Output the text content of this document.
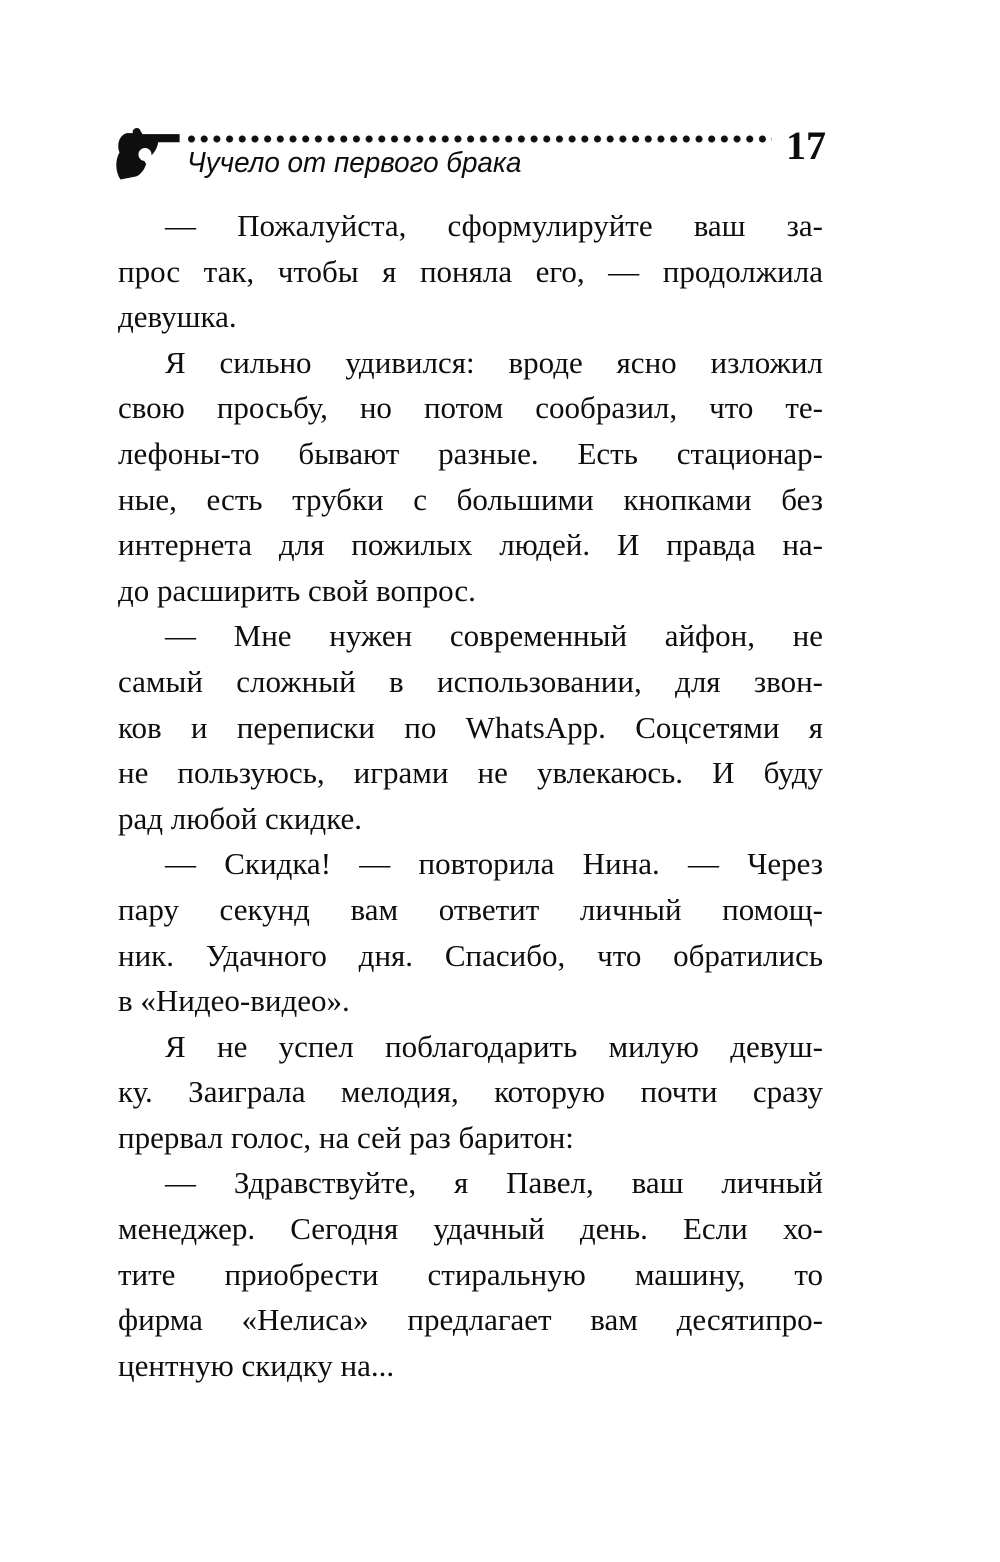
Чучело от первого брака	17

— Пожалуйста, сформулируйте ваш за-
прос так, чтобы я поняла его, — продолжила
девушка.

Я сильно удивился: вроде ясно изложил
свою просьбу, но потом сообразил, что те-
лефоны-то бывают разные. Есть стационар-
ные, есть трубки с большими кнопками без
интернета для пожилых людей. И правда на-
до расширить свой вопрос.

— Мне нужен современный айфон, не
самый сложный в использовании, для звон-
ков и переписки по WhatsApp. Соцсетями я
не пользуюсь, играми не увлекаюсь. И буду
рад любой скидке.

— Скидка! — повторила Нина. — Через
пару секунд вам ответит личный помощ-
ник. Удачного дня. Спасибо, что обратились
в «Нидео-видео».

Я не успел поблагодарить милую девуш-
ку. Заиграла мелодия, которую почти сразу
прервал голос, на сей раз баритон:

— Здравствуйте, я Павел, ваш личный
менеджер. Сегодня удачный день. Если хо-
тите приобрести стиральную машину, то
фирма «Нелиса» предлагает вам десятипро-
центную скидку на...
